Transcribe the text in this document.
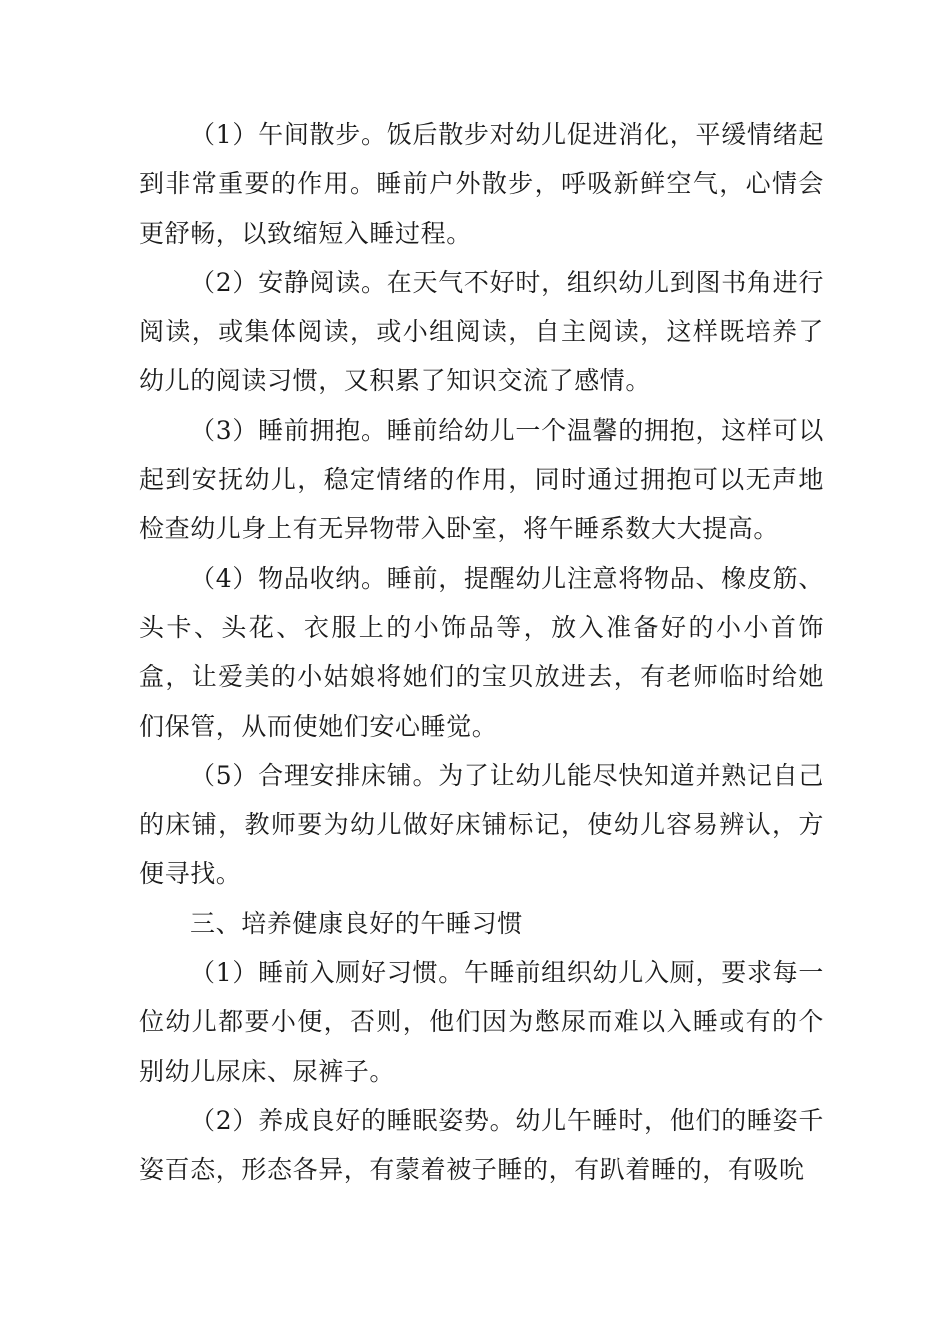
（1）午间散步。饭后散步对幼儿促进消化，平缓情绪起到非常重要的作用。睡前户外散步，呼吸新鲜空气，心情会更舒畅，以致缩短入睡过程。

（2）安静阅读。在天气不好时，组织幼儿到图书角进行阅读，或集体阅读，或小组阅读，自主阅读，这样既培养了幼儿的阅读习惯，又积累了知识交流了感情。

（3）睡前拥抱。睡前给幼儿一个温馨的拥抱，这样可以起到安抚幼儿，稳定情绪的作用，同时通过拥抱可以无声地检查幼儿身上有无异物带入卧室，将午睡系数大大提高。

（4）物品收纳。睡前，提醒幼儿注意将物品、橡皮筋、头卡、头花、衣服上的小饰品等，放入准备好的小小首饰盒，让爱美的小姑娘将她们的宝贝放进去，有老师临时给她们保管，从而使她们安心睡觉。

（5）合理安排床铺。为了让幼儿能尽快知道并熟记自己的床铺，教师要为幼儿做好床铺标记，使幼儿容易辨认，方便寻找。

三、培养健康良好的午睡习惯

（1）睡前入厕好习惯。午睡前组织幼儿入厕，要求每一位幼儿都要小便，否则，他们因为憋尿而难以入睡或有的个别幼儿尿床、尿裤子。

（2）养成良好的睡眠姿势。幼儿午睡时，他们的睡姿千姿百态，形态各异，有蒙着被子睡的，有趴着睡的，有吸吮
